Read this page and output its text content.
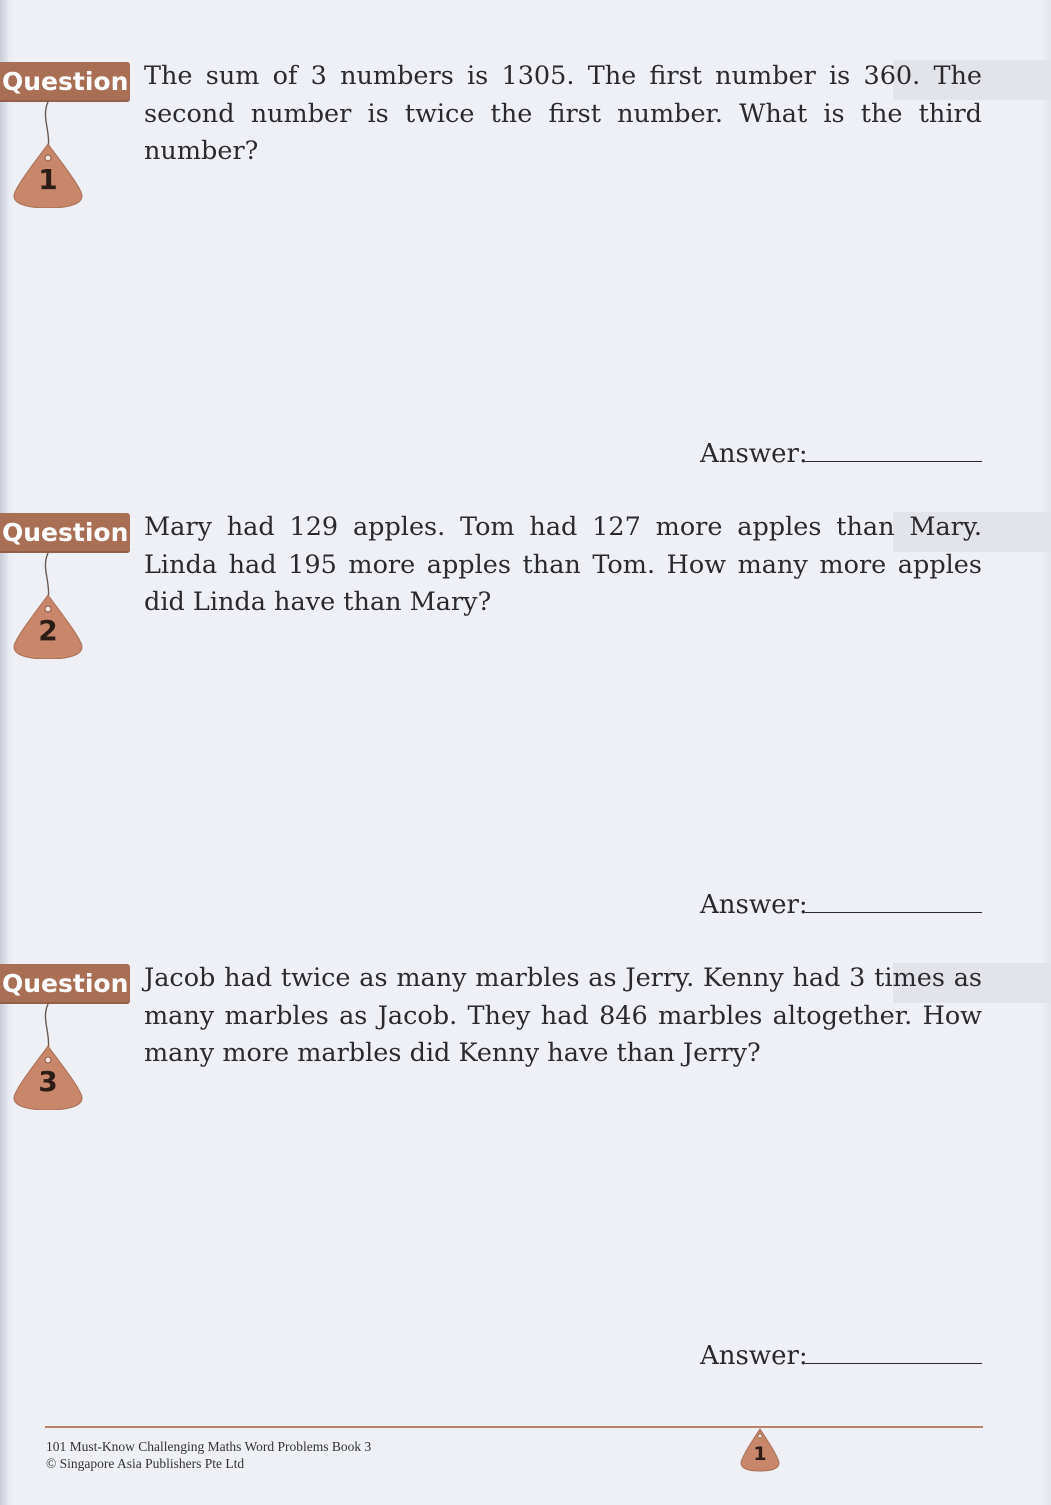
Question
1

The sum of 3 numbers is 1305. The first number is 360. The second number is twice the first number. What is the third number?

Answer:
Question
2

Mary had 129 apples. Tom had 127 more apples than Mary. Linda had 195 more apples than Tom. How many more apples did Linda have than Mary?

Answer:
Question
3

Jacob had twice as many marbles as Jerry. Kenny had 3 times as many marbles as Jacob. They had 846 marbles altogether. How many more marbles did Kenny have than Jerry?

Answer:
101 Must-Know Challenging Maths Word Problems Book 3
© Singapore Asia Publishers Pte Ltd	1
